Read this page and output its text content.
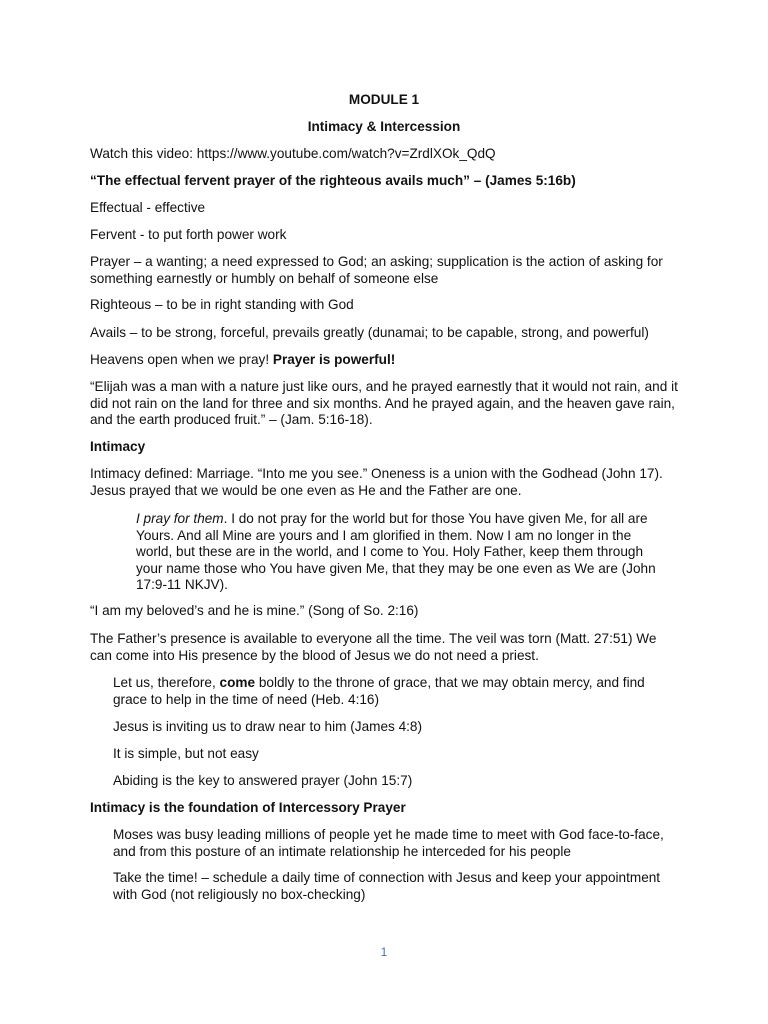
MODULE 1

Intimacy & Intercession

Watch this video: https://www.youtube.com/watch?v=ZrdlXOk_QdQ

“The effectual fervent prayer of the righteous avails much” – (James 5:16b)

Effectual - effective

Fervent - to put forth power work

Prayer – a wanting; a need expressed to God; an asking; supplication is the action of asking for something earnestly or humbly on behalf of someone else

Righteous – to be in right standing with God

Avails – to be strong, forceful, prevails greatly (dunamai; to be capable, strong, and powerful)

Heavens open when we pray! Prayer is powerful!

“Elijah was a man with a nature just like ours, and he prayed earnestly that it would not rain, and it did not rain on the land for three and six months. And he prayed again, and the heaven gave rain, and the earth produced fruit.” – (Jam. 5:16-18).

Intimacy

Intimacy defined: Marriage. “Into me you see.” Oneness is a union with the Godhead (John 17). Jesus prayed that we would be one even as He and the Father are one.

I pray for them. I do not pray for the world but for those You have given Me, for all are Yours. And all Mine are yours and I am glorified in them. Now I am no longer in the world, but these are in the world, and I come to You. Holy Father, keep them through your name those who You have given Me, that they may be one even as We are (John 17:9-11 NKJV).

“I am my beloved’s and he is mine.” (Song of So. 2:16)

The Father’s presence is available to everyone all the time. The veil was torn (Matt. 27:51) We can come into His presence by the blood of Jesus we do not need a priest.

Let us, therefore, come boldly to the throne of grace, that we may obtain mercy, and find grace to help in the time of need (Heb. 4:16)

Jesus is inviting us to draw near to him (James 4:8)

It is simple, but not easy

Abiding is the key to answered prayer (John 15:7)

Intimacy is the foundation of Intercessory Prayer

Moses was busy leading millions of people yet he made time to meet with God face-to-face, and from this posture of an intimate relationship he interceded for his people

Take the time! – schedule a daily time of connection with Jesus and keep your appointment with God (not religiously no box-checking)

1
